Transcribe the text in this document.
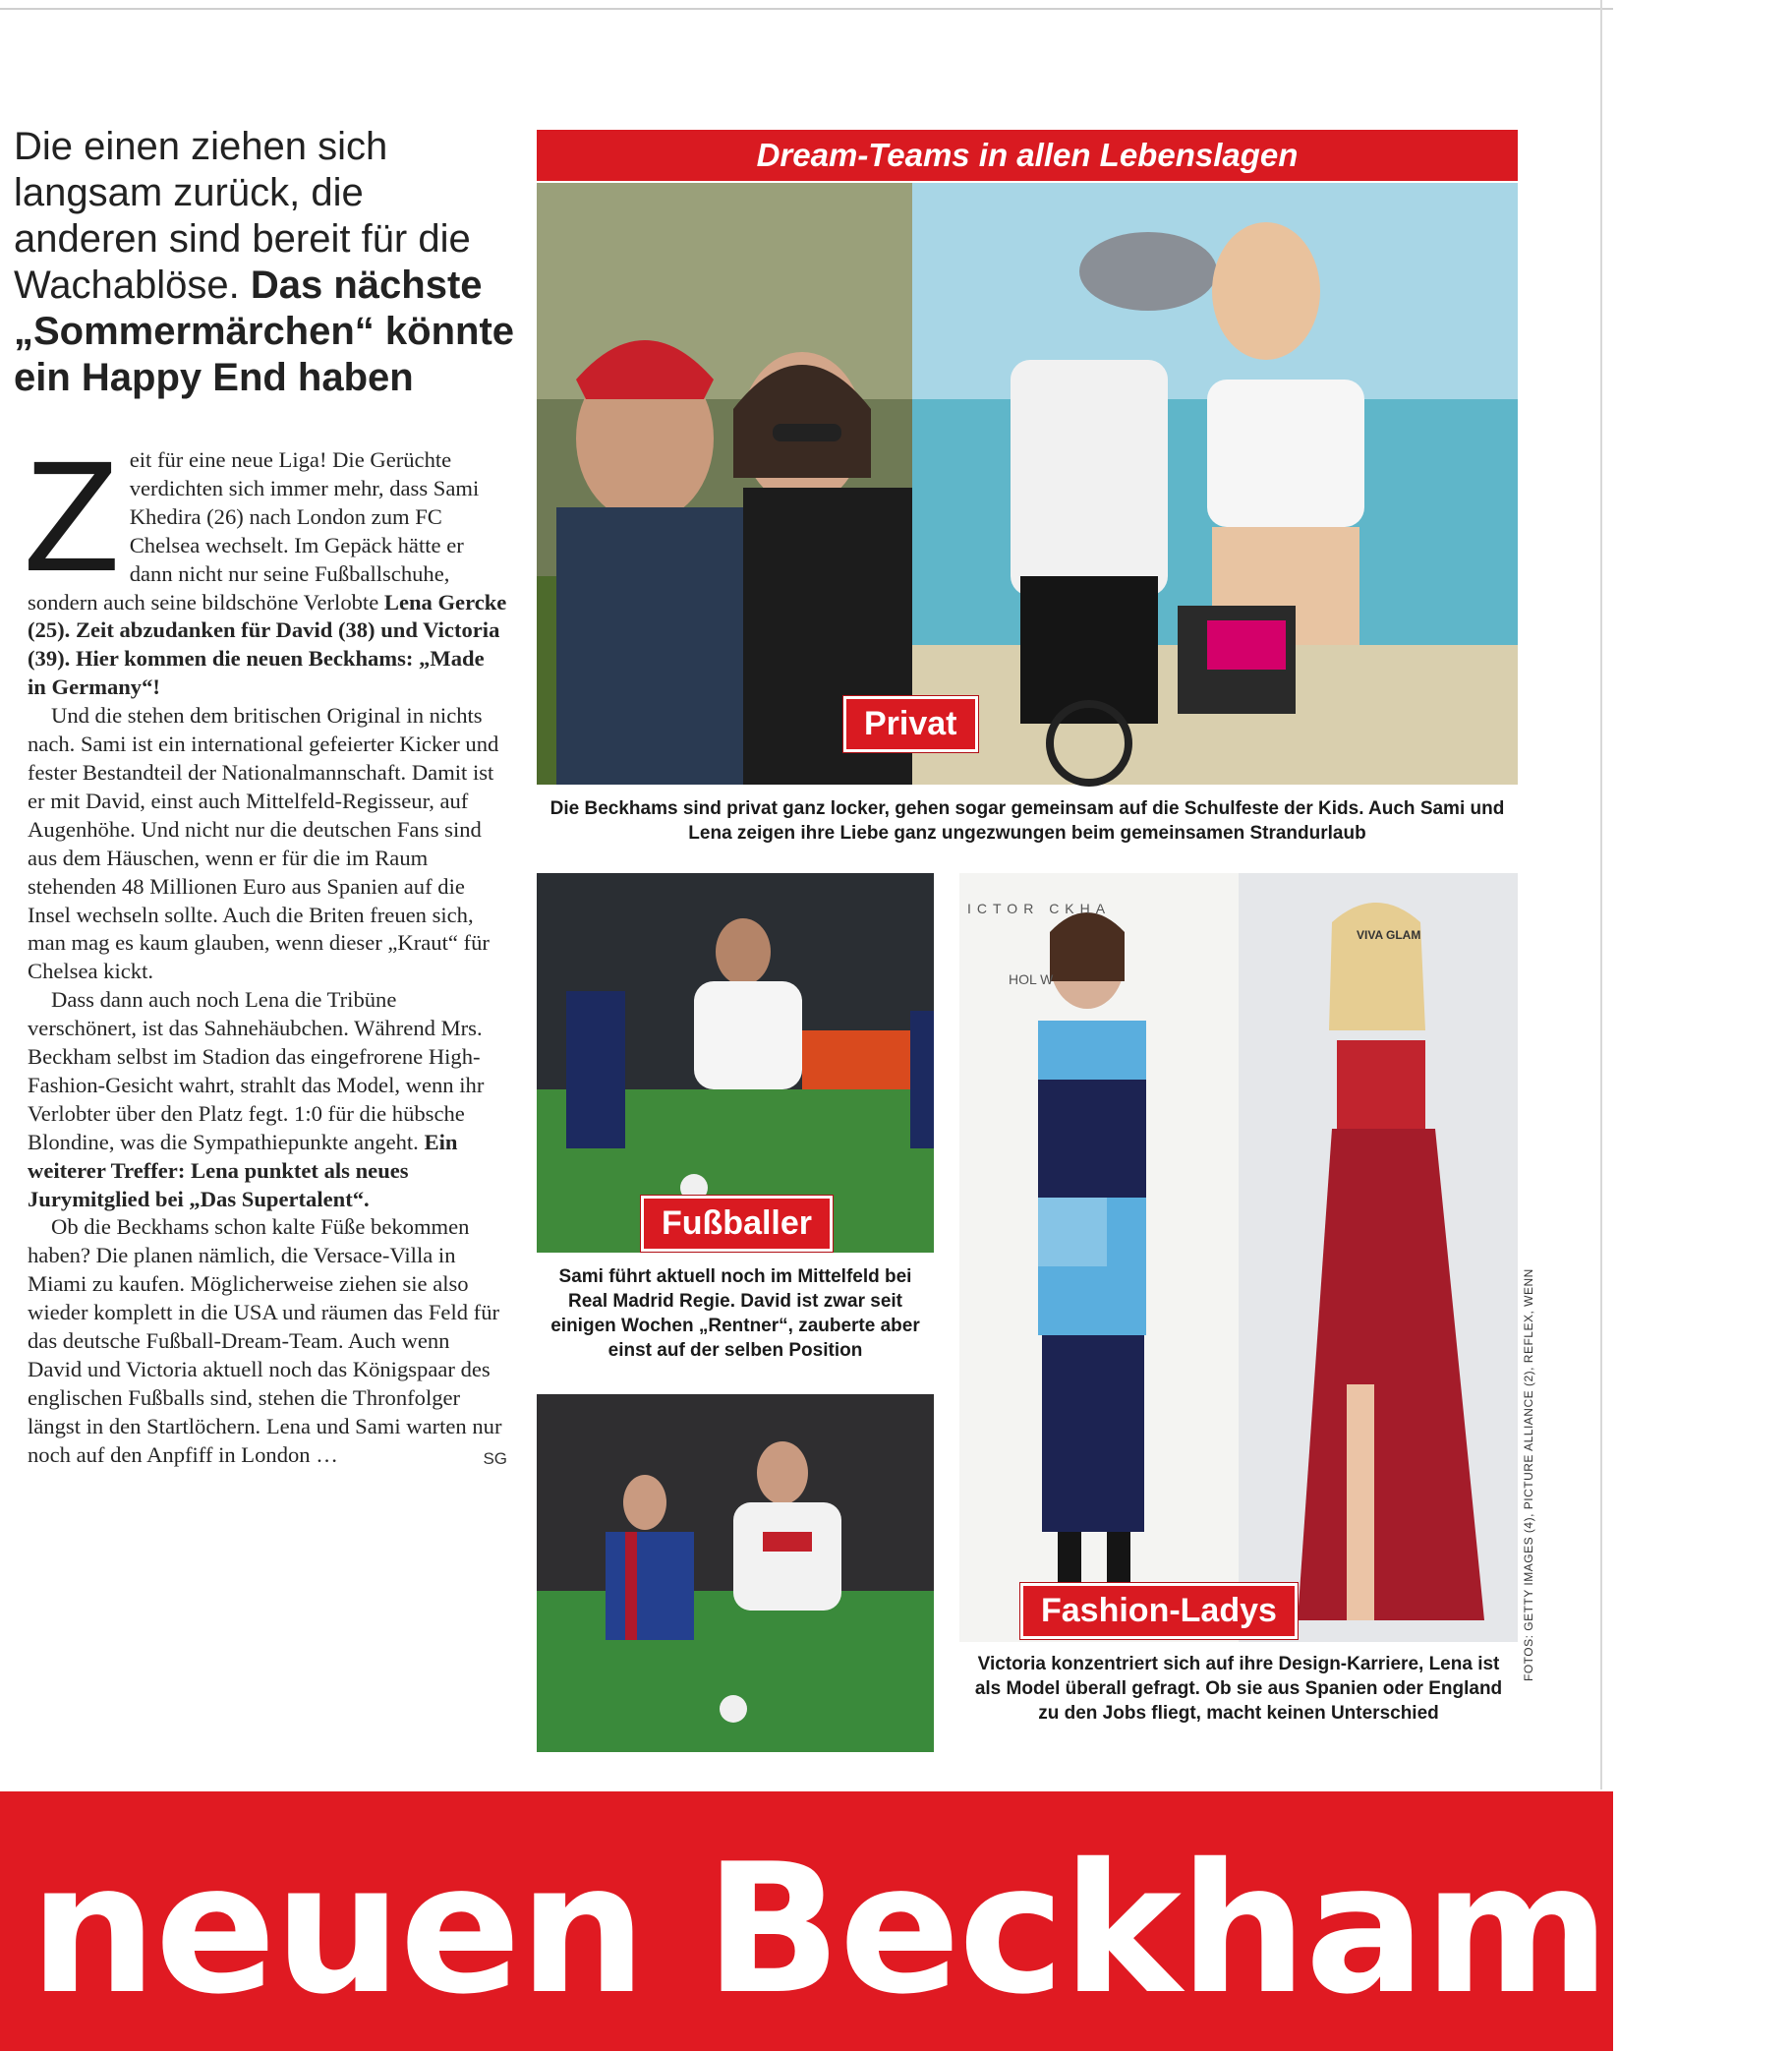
Die einen ziehen sich langsam zurück, die anderen sind bereit für die Wachablöse. Das nächste „Sommermärchen“ könnte ein Happy End haben

Zeit für eine neue Liga! Die Gerüchte verdichten sich immer mehr, dass Sami Khedira (26) nach London zum FC Chelsea wechselt. Im Gepäck hätte er dann nicht nur seine Fußballschuhe, sondern auch seine bildschöne Verlobte Lena Gercke (25). Zeit abzudanken für David (38) und Victoria (39). Hier kommen die neuen Beckhams: „Made in Germany“!

Und die stehen dem britischen Original in nichts nach. Sami ist ein international gefeierter Kicker und fester Bestandteil der Nationalmannschaft. Damit ist er mit David, einst auch Mittelfeld-Regisseur, auf Augenhöhe. Und nicht nur die deutschen Fans sind aus dem Häuschen, wenn er für die im Raum stehenden 48 Millionen Euro aus Spanien auf die Insel wechseln sollte. Auch die Briten freuen sich, man mag es kaum glauben, wenn dieser „Kraut“ für Chelsea kickt.

Dass dann auch noch Lena die Tribüne verschönert, ist das Sahnehäubchen. Während Mrs. Beckham selbst im Stadion das eingefrorene High-Fashion-Gesicht wahrt, strahlt das Model, wenn ihr Verlobter über den Platz fegt. 1:0 für die hübsche Blondine, was die Sympathiepunkte angeht. Ein weiterer Treffer: Lena punktet als neues Jurymitglied bei „Das Supertalent“.

Ob die Beckhams schon kalte Füße bekommen haben? Die planen nämlich, die Versace-Villa in Miami zu kaufen. Möglicherweise ziehen sie also wieder komplett in die USA und räumen das Feld für das deutsche Fußball-Dream-Team. Auch wenn David und Victoria aktuell noch das Königspaar des englischen Fußballs sind, stehen die Thronfolger längst in den Startlöchern. Lena und Sami warten nur noch auf den Anpfiff in London …	SG

Dream-Teams in allen Lebenslagen
Privat
Die Beckhams sind privat ganz locker, gehen sogar gemeinsam auf die Schulfeste der Kids. Auch Sami und Lena zeigen ihre Liebe ganz ungezwungen beim gemeinsamen Strandurlaub
Fußballer
Sami führt aktuell noch im Mittelfeld bei Real Madrid Regie. David ist zwar seit einigen Wochen „Rentner“, zauberte aber einst auf der selben Position
ICTOR CKHA
HOL W
VIVA GLAM
Fashion-Ladys
Victoria konzentriert sich auf ihre Design-Karriere, Lena ist als Model überall gefragt. Ob sie aus Spanien oder England zu den Jobs fliegt, macht keinen Unterschied
FOTOS: GETTY IMAGES (4), PICTURE ALLIANCE (2), REFLEX, WENN
neuen Beckhams!
